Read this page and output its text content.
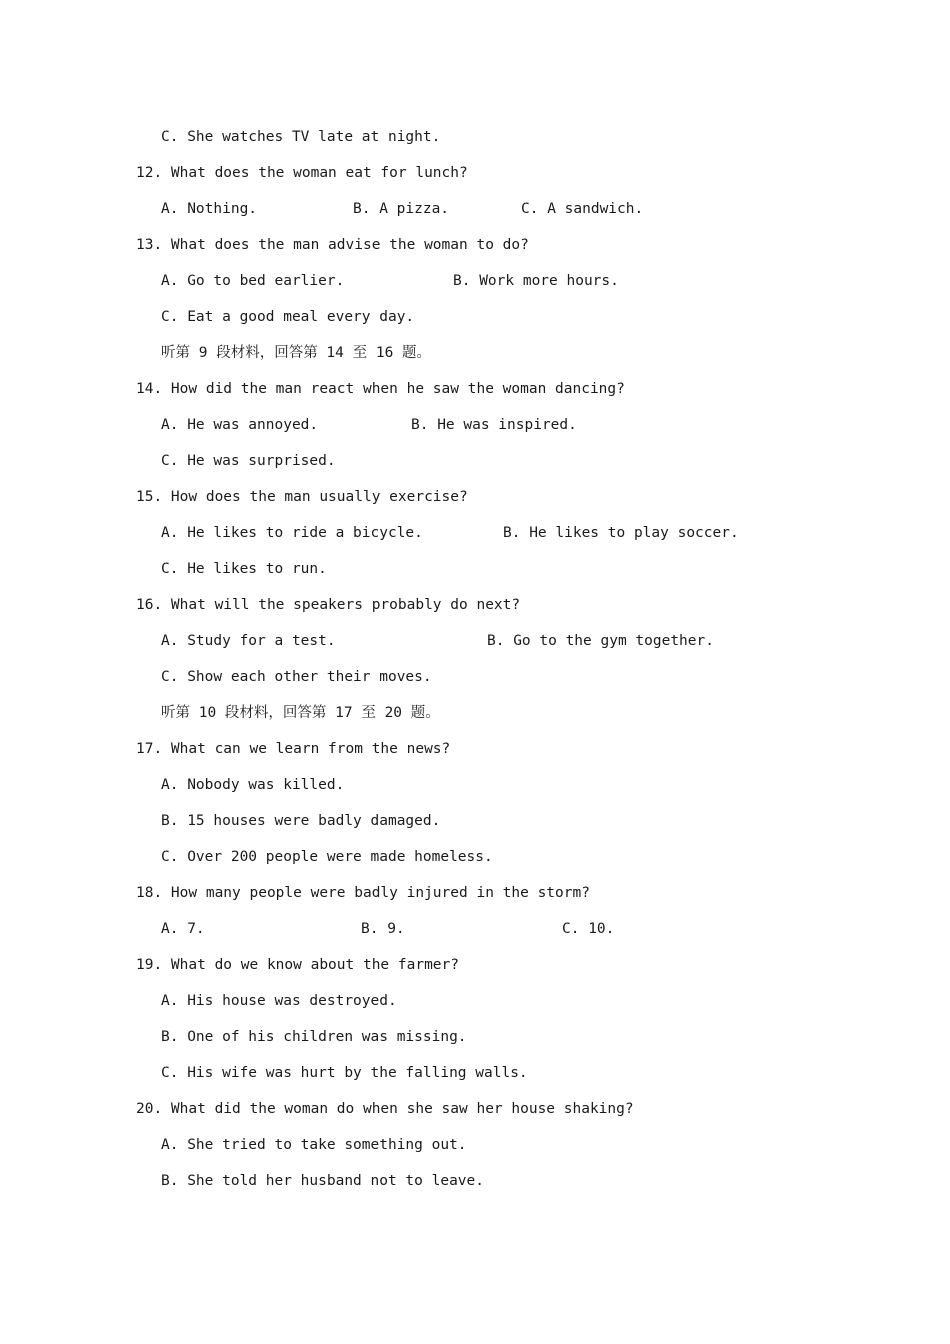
C. She watches TV late at night.
12. What does the woman eat for lunch?
A. Nothing.	B. A pizza.	C. A sandwich.
13. What does the man advise the woman to do?
A. Go to bed earlier.	B. Work more hours.
C. Eat a good meal every day.
听第 9 段材料，回答第 14 至 16 题。
14. How did the man react when he saw the woman dancing?
A. He was annoyed.	B. He was inspired.
C. He was surprised.
15. How does the man usually exercise?
A. He likes to ride a bicycle.	B. He likes to play soccer.
C. He likes to run.
16. What will the speakers probably do next?
A. Study for a test.	B. Go to the gym together.
C. Show each other their moves.
听第 10 段材料，回答第 17 至 20 题。
17. What can we learn from the news?
A. Nobody was killed.
B. 15 houses were badly damaged.
C. Over 200 people were made homeless.
18. How many people were badly injured in the storm?
A. 7.	B. 9.	C. 10.
19. What do we know about the farmer?
A. His house was destroyed.
B. One of his children was missing.
C. His wife was hurt by the falling walls.
20. What did the woman do when she saw her house shaking?
A. She tried to take something out.
B. She told her husband not to leave.
